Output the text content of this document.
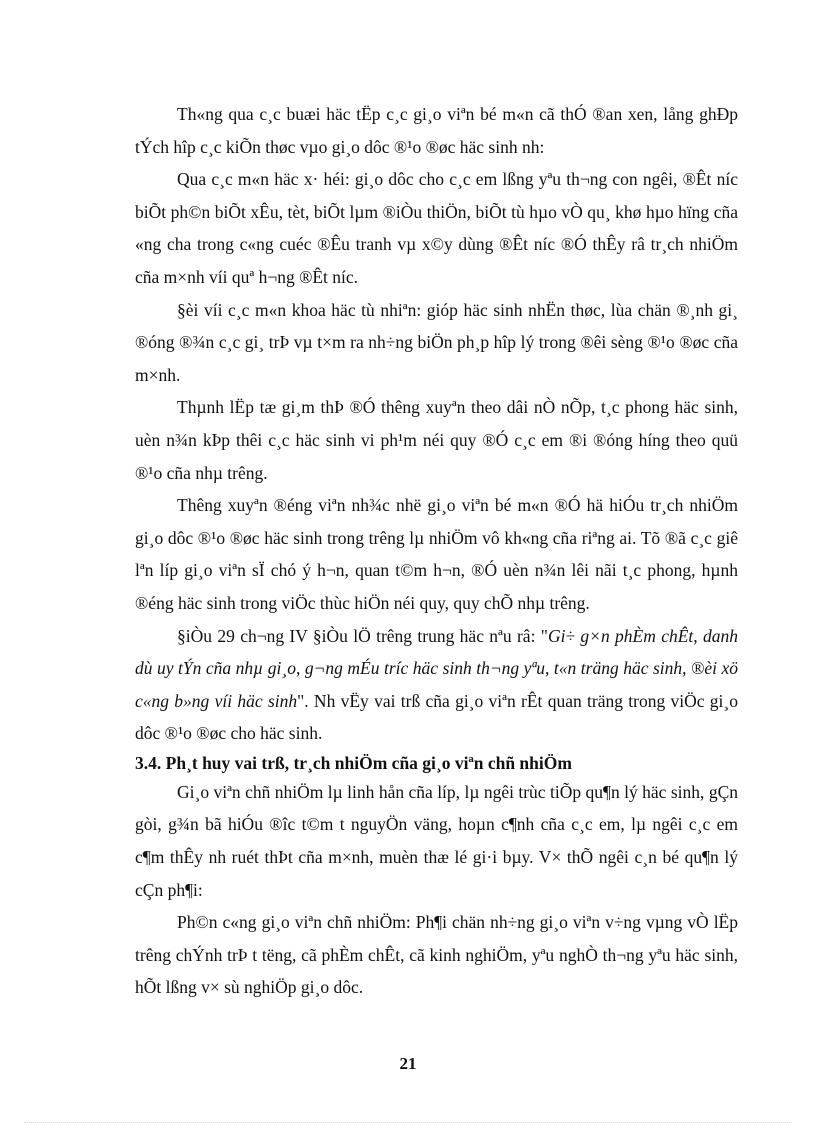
Th«ng qua c¸c buæi häc tËp c¸c gi¸o viªn bé m«n cã thÓ ®an xen, lång ghÐp tÝch hîp c¸c kiÕn thøc vµo gi¸o dôc ®¹o ®øc häc sinh nh:

Qua c¸c m«n häc x· héi: gi¸o dôc cho c¸c em lßng yªu th¬ng con ngêi, ®Êt níc biÕt ph©n biÕt xÊu, tèt, biÕt lµm ®iÒu thiÖn, biÕt tù hµo vÒ qu¸ khø hµo hïng cña «ng cha trong c«ng cuéc ®Êu tranh vµ x©y dùng ®Êt níc ®Ó thÊy râ tr¸ch nhiÖm cña m×nh víi quª h¬ng ®Êt níc.

§èi víi c¸c m«n khoa häc tù nhiªn: gióp häc sinh nhËn thøc, lùa chän ®¸nh gi¸ ®óng ®¾n c¸c gi¸ trÞ vµ t×m ra nh÷ng biÖn ph¸p hîp lý trong ®êi sèng ®¹o ®øc cña m×nh.

Thµnh lËp tæ gi¸m thÞ ®Ó thêng xuyªn theo dâi nÒ nÕp, t¸c phong häc sinh, uèn n¾n kÞp thêi c¸c häc sinh vi ph¹m néi quy ®Ó c¸c em ®i ®óng híng theo quü ®¹o cña nhµ trêng.

Thêng xuyªn ®éng viªn nh¾c nhë gi¸o viªn bé m«n ®Ó hä hiÓu tr¸ch nhiÖm gi¸o dôc ®¹o ®øc häc sinh trong trêng lµ nhiÖm vô kh«ng cña riªng ai. Tõ ®ã c¸c giê lªn líp gi¸o viªn sÏ chó ý h¬n, quan t©m h¬n, ®Ó uèn n¾n lêi nãi t¸c phong, hµnh ®éng häc sinh trong viÖc thùc hiÖn néi quy, quy chÕ nhµ trêng.

§iÒu 29 ch¬ng IV §iÒu lÖ trêng trung häc nªu râ: "Gi÷ g×n phÈm chÊt, danh dù uy tÝn cña nhµ gi¸o, g¬ng mÉu tríc häc sinh th¬ng yªu, t«n träng häc sinh, ®èi xö c«ng b»ng víi häc sinh". Nh vËy vai trß cña gi¸o viªn rÊt quan träng trong viÖc gi¸o dôc ®¹o ®øc cho häc sinh.

3.4. Ph¸t huy vai trß, tr¸ch nhiÖm cña gi¸o viªn chñ nhiÖm

Gi¸o viªn chñ nhiÖm lµ linh hån cña líp, lµ ngêi trùc tiÕp qu¶n lý häc sinh, gÇn gòi, g¾n bã hiÓu ®îc t©m t nguyÖn väng, hoµn c¶nh cña c¸c em, lµ ngêi c¸c em c¶m thÊy nh ruét thÞt cña m×nh, muèn thæ lé gi·i bµy. V× thÕ ngêi c¸n bé qu¶n lý cÇn ph¶i:

Ph©n c«ng gi¸o viªn chñ nhiÖm: Ph¶i chän nh÷ng gi¸o viªn v÷ng vµng vÒ lËp trêng chÝnh trÞ t tëng, cã phÈm chÊt, cã kinh nghiÖm, yªu nghÒ th¬ng yªu häc sinh, hÕt lßng v× sù nghiÖp gi¸o dôc.

21
